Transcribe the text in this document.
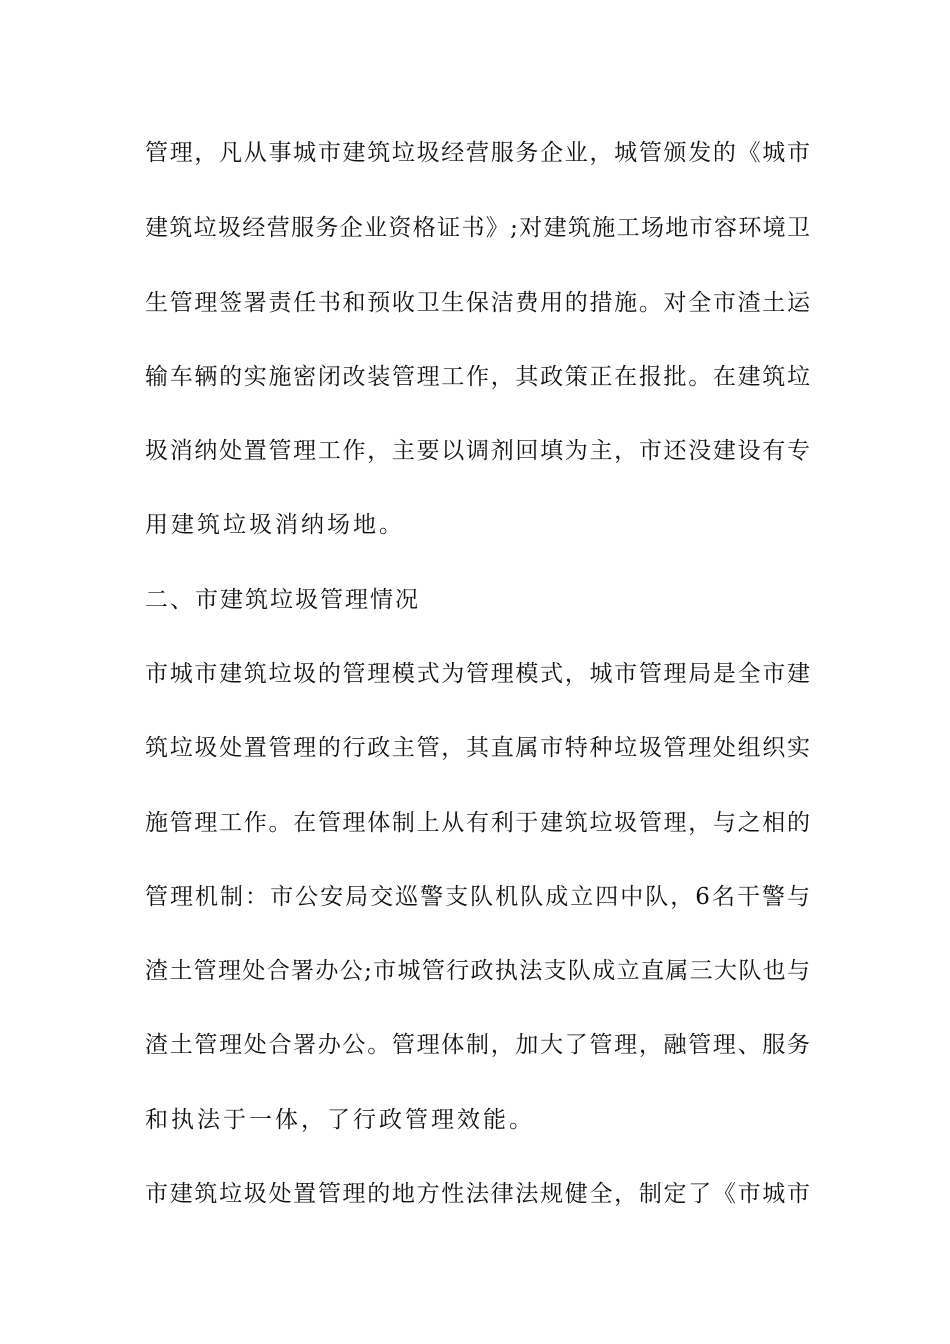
管理，凡从事城市建筑垃圾经营服务企业，城管颁发的《城市
建筑垃圾经营服务企业资格证书》;对建筑施工场地市容环境卫
生管理签署责任书和预收卫生保洁费用的措施。对全市渣土运
输车辆的实施密闭改装管理工作，其政策正在报批。在建筑垃
圾消纳处置管理工作，主要以调剂回填为主，市还没建设有专
用建筑垃圾消纳场地。
二、市建筑垃圾管理情况
市城市建筑垃圾的管理模式为管理模式，城市管理局是全市建
筑垃圾处置管理的行政主管，其直属市特种垃圾管理处组织实
施管理工作。在管理体制上从有利于建筑垃圾管理，与之相的
管理机制：市公安局交巡警支队机队成立四中队，6名干警与
渣土管理处合署办公;市城管行政执法支队成立直属三大队也与
渣土管理处合署办公。管理体制，加大了管理，融管理、服务
和执法于一体，了行政管理效能。
市建筑垃圾处置管理的地方性法律法规健全，制定了《市城市
